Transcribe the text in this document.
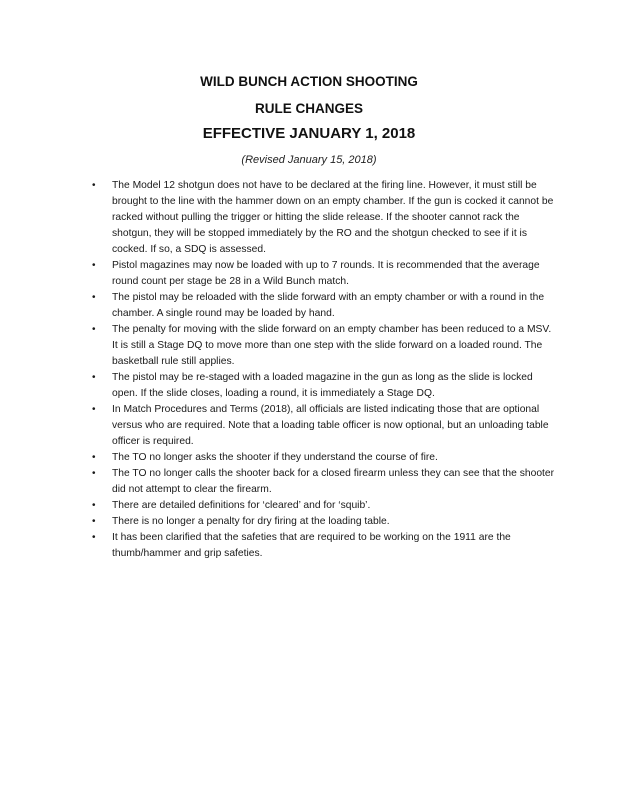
WILD BUNCH ACTION SHOOTING
RULE CHANGES
EFFECTIVE JANUARY 1, 2018
(Revised January 15, 2018)
• The Model 12 shotgun does not have to be declared at the firing line. However, it must still be brought to the line with the hammer down on an empty chamber. If the gun is cocked it cannot be racked without pulling the trigger or hitting the slide release. If the shooter cannot rack the shotgun, they will be stopped immediately by the RO and the shotgun checked to see if it is cocked. If so, a SDQ is assessed.
• Pistol magazines may now be loaded with up to 7 rounds. It is recommended that the average round count per stage be 28 in a Wild Bunch match.
• The pistol may be reloaded with the slide forward with an empty chamber or with a round in the chamber. A single round may be loaded by hand.
• The penalty for moving with the slide forward on an empty chamber has been reduced to a MSV. It is still a Stage DQ to move more than one step with the slide forward on a loaded round. The basketball rule still applies.
• The pistol may be re-staged with a loaded magazine in the gun as long as the slide is locked open. If the slide closes, loading a round, it is immediately a Stage DQ.
• In Match Procedures and Terms (2018), all officials are listed indicating those that are optional versus who are required. Note that a loading table officer is now optional, but an unloading table officer is required.
• The TO no longer asks the shooter if they understand the course of fire.
• The TO no longer calls the shooter back for a closed firearm unless they can see that the shooter did not attempt to clear the firearm.
• There are detailed definitions for ‘cleared’ and for ‘squib’.
• There is no longer a penalty for dry firing at the loading table.
• It has been clarified that the safeties that are required to be working on the 1911 are the thumb/hammer and grip safeties.
